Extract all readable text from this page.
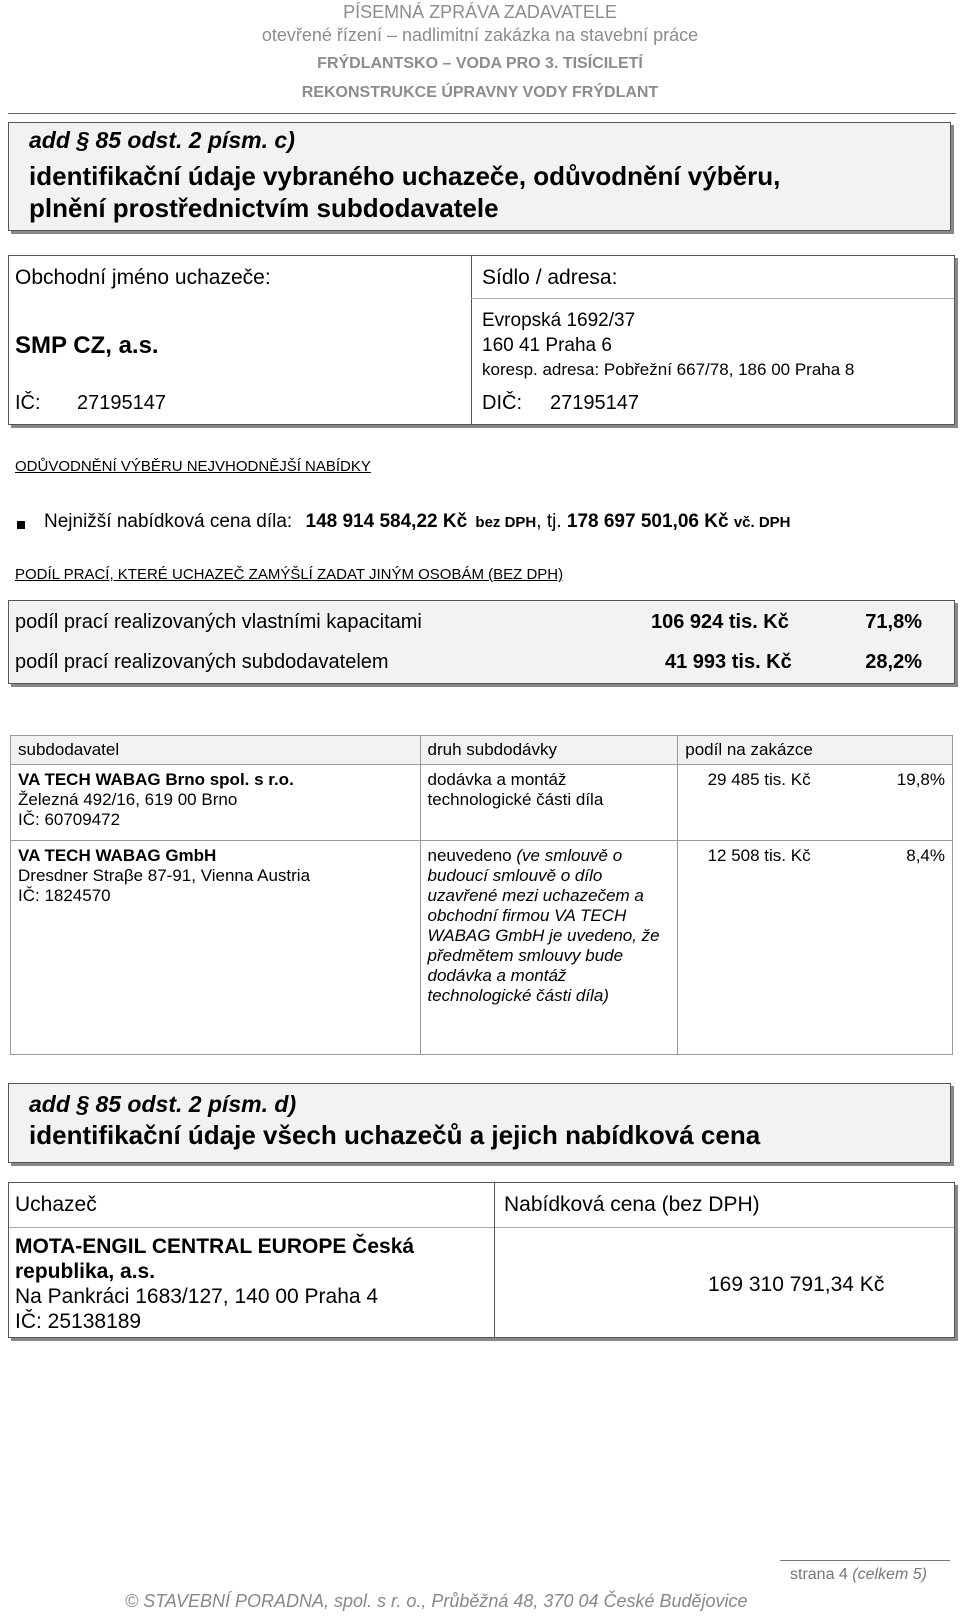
PÍSEMNÁ ZPRÁVA ZADAVATELE
otevřené řízení – nadlimitní zakázka na stavební práce
FRÝDLANTSKO – VODA PRO 3. TISÍCILETÍ
REKONSTRUKCE ÚPRAVNY VODY FRÝDLANT
add § 85 odst. 2 písm. c)
identifikační údaje vybraného uchazeče, odůvodnění výběru,
plnění prostřednictvím subdodavatele
Obchodní jméno uchazeče:	Sídlo / adresa:
SMP CZ, a.s.
Evropská 1692/37
160 41 Praha 6
koresp. adresa: Pobřežní 667/78, 186 00 Praha 8
IČ: 27195147	DIČ: 27195147
ODŮVODNĚNÍ VÝBĚRU NEJVHODNĚJŠÍ NABÍDKY
Nejnižší nabídková cena díla: 148 914 584,22 Kč bez DPH, tj. 178 697 501,06 Kč vč. DPH
PODÍL PRACÍ, KTERÉ UCHAZEČ ZAMÝŠLÍ ZADAT JINÝM OSOBÁM (BEZ DPH)
podíl prací realizovaných vlastními kapacitami	106 924 tis. Kč	71,8%
podíl prací realizovaných subdodavatelem	41 993 tis. Kč	28,2%
subdodavatel	druh subdodávky	podíl na zakázce	

VA TECH WABAG Brno spol. s r.o.
Železná 492/16, 619 00 Brno
IČ: 60709472	dodávka a montáž technologické části díla	29 485 tis. Kč	19,8%

VA TECH WABAG GmbH
Dresdner Straβe 87-91, Vienna Austria
IČ: 1824570	neuvedeno (ve smlouvě o budoucí smlouvě o dílo uzavřené mezi uchazečem a obchodní firmou VA TECH WABAG GmbH je uvedeno, že předmětem smlouvy bude dodávka a montáž technologické části díla)	12 508 tis. Kč	8,4%
add § 85 odst. 2 písm. d)
identifikační údaje všech uchazečů a jejich nabídková cena
Uchazeč	Nabídková cena (bez DPH)
MOTA-ENGIL CENTRAL EUROPE Česká
republika, a.s.
Na Pankráci 1683/127, 140 00 Praha 4
IČ: 25138189
169 310 791,34 Kč
strana 4 (celkem 5)
© STAVEBNÍ PORADNA, spol. s r. o., Průběžná 48, 370 04 České Budějovice
